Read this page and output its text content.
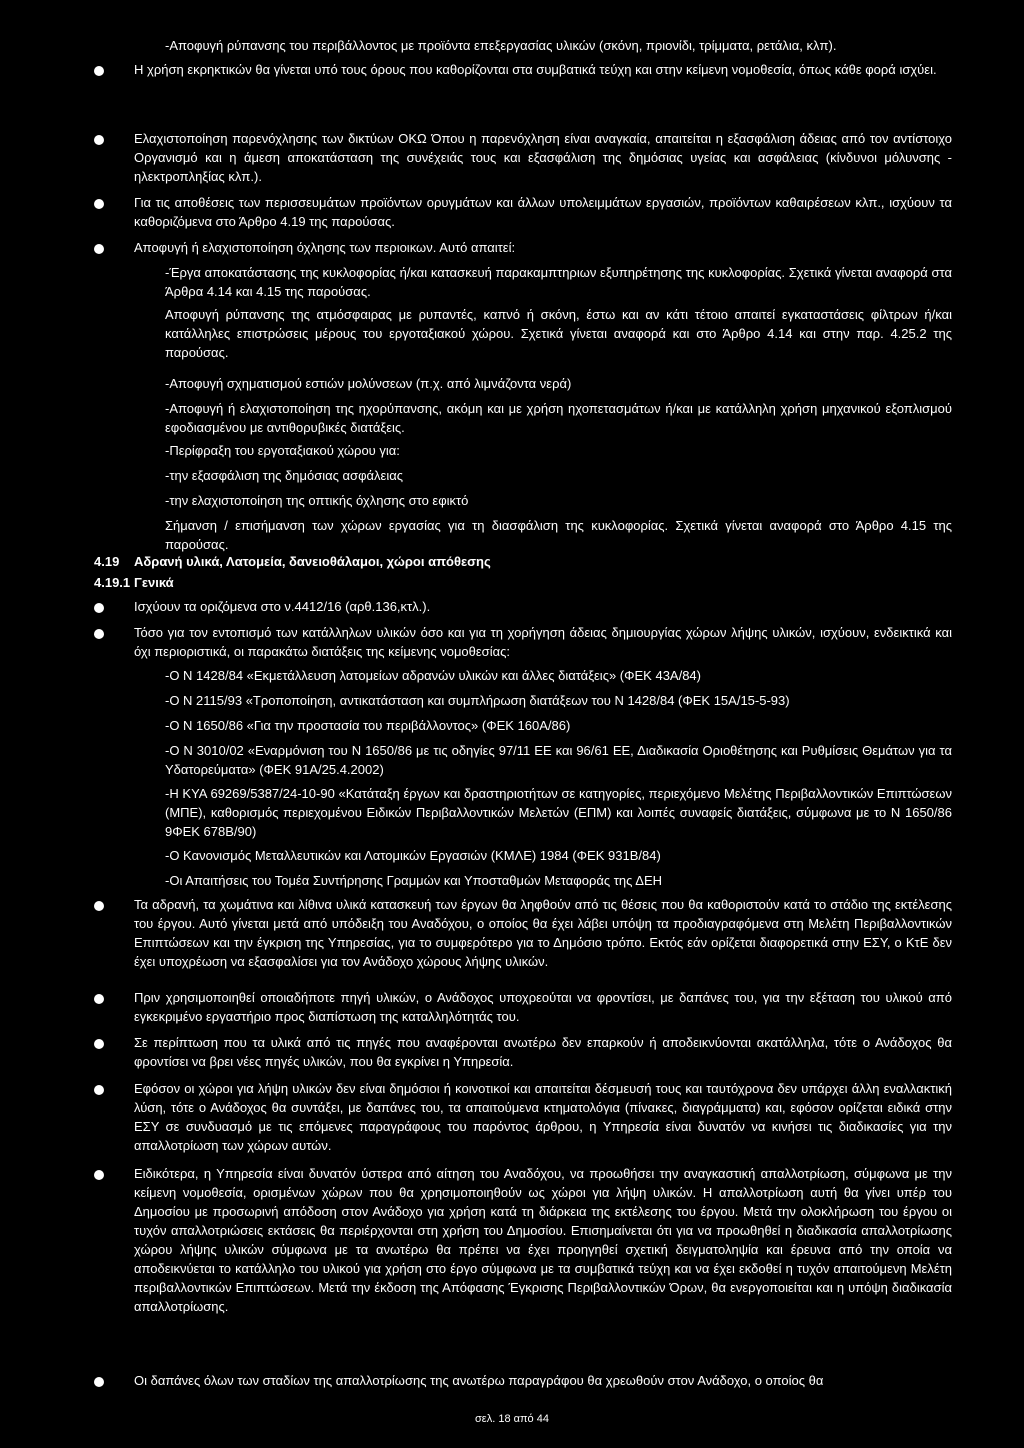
-Αποφυγή ρύπανσης του περιβάλλοντος με προϊόντα επεξεργασίας υλικών (σκόνη, πριονίδι, τρίμματα, ρετάλια, κλπ).
Η χρήση εκρηκτικών θα γίνεται υπό τους όρους που καθορίζονται στα συμβατικά τεύχη και στην κείμενη νομοθεσία, όπως κάθε φορά ισχύει.
Ελαχιστοποίηση παρενόχλησης των δικτύων ΟΚΩ Όπου η παρενόχληση είναι αναγκαία, απαιτείται η εξασφάλιση άδειας από τον αντίστοιχο Οργανισμό και η άμεση αποκατάσταση της συνέχειάς τους και εξασφάλιση της δημόσιας υγείας και ασφάλειας (κίνδυνοι μόλυνσης - ηλεκτροπληξίας κλπ.).
Για τις αποθέσεις των περισσευμάτων προϊόντων ορυγμάτων και άλλων υπολειμμάτων εργασιών, προϊόντων καθαιρέσεων κλπ., ισχύουν τα καθοριζόμενα στο Άρθρο 4.19 της παρούσας.
Αποφυγή ή ελαχιστοποίηση όχλησης των περιοικων. Αυτό απαιτεί:
-Έργα αποκατάστασης της κυκλοφορίας ή/και κατασκευή παρακαμπτηριων εξυπηρέτησης της κυκλοφορίας. Σχετικά γίνεται αναφορά στα Άρθρα 4.14 και 4.15 της παρούσας.
Αποφυγή ρύπανσης της ατμόσφαιρας με ρυπαντές, καπνό ή σκόνη, έστω και αν κάτι τέτοιο απαιτεί εγκαταστάσεις φίλτρων ή/και κατάλληλες επιστρώσεις μέρους του εργοταξιακού χώρου. Σχετικά γίνεται αναφορά και στο Άρθρο 4.14 και στην παρ. 4.25.2 της παρούσας.
-Αποφυγή σχηματισμού εστιών μολύνσεων (π.χ. από λιμνάζοντα νερά)
-Αποφυγή ή ελαχιστοποίηση της ηχορύπανσης, ακόμη και με χρήση ηχοπετασμάτων ή/και με κατάλληλη χρήση μηχανικού εξοπλισμού εφοδιασμένου με αντιθορυβικές διατάξεις.
-Περίφραξη του εργοταξιακού χώρου για:
-την εξασφάλιση της δημόσιας ασφάλειας
-την ελαχιστοποίηση της οπτικής όχλησης στο εφικτό
Σήμανση / επισήμανση των χώρων εργασίας για τη διασφάλιση της κυκλοφορίας. Σχετικά γίνεται αναφορά στο Άρθρο 4.15 της παρούσας.
4.19 Αδρανή υλικά, Λατομεία, δανειοθάλαμοι, χώροι απόθεσης
4.19.1 Γενικά
Ισχύουν τα οριζόμενα στο ν.4412/16 (αρθ.136,κτλ.).
Τόσο για τον εντοπισμό των κατάλληλων υλικών όσο και για τη χορήγηση άδειας δημιουργίας χώρων λήψης υλικών, ισχύουν, ενδεικτικά και όχι περιοριστικά, οι παρακάτω διατάξεις της κείμενης νομοθεσίας:
-Ο Ν 1428/84 «Εκμετάλλευση λατομείων αδρανών υλικών και άλλες διατάξεις» (ΦΕΚ 43Α/84)
-Ο Ν 2115/93 «Τροποποίηση, αντικατάσταση και συμπλήρωση διατάξεων του Ν 1428/84 (ΦΕΚ 15Α/15-5-93)
-Ο Ν 1650/86 «Για την προστασία του περιβάλλοντος» (ΦΕΚ 160Α/86)
-Ο Ν 3010/02 «Εναρμόνιση του Ν 1650/86 με τις οδηγίες 97/11 ΕΕ και 96/61 ΕΕ, Διαδικασία Οριοθέτησης και Ρυθμίσεις Θεμάτων για τα Υδατορεύματα» (ΦΕΚ 91Α/25.4.2002)
-Η ΚΥΑ 69269/5387/24-10-90 «Κατάταξη έργων και δραστηριοτήτων σε κατηγορίες, περιεχόμενο Μελέτης Περιβαλλοντικών Επιπτώσεων (ΜΠΕ), καθορισμός περιεχομένου Ειδικών Περιβαλλοντικών Μελετών (ΕΠΜ) και λοιπές συναφείς διατάξεις, σύμφωνα με το Ν 1650/86 9ΦΕΚ 678Β/90)
-Ο Κανονισμός Μεταλλευτικών και Λατομικών Εργασιών (ΚΜΛΕ) 1984 (ΦΕΚ 931Β/84)
-Οι Απαιτήσεις του Τομέα Συντήρησης Γραμμών και Υποσταθμών Μεταφοράς της ΔΕΗ
Τα αδρανή, τα χωμάτινα και λίθινα υλικά κατασκευή των έργων θα ληφθούν από τις θέσεις που θα καθοριστούν κατά το στάδιο της εκτέλεσης του έργου. Αυτό γίνεται μετά από υπόδειξη του Αναδόχου, ο οποίος θα έχει λάβει υπόψη τα προδιαγραφόμενα στη Μελέτη Περιβαλλοντικών Επιπτώσεων και την έγκριση της Υπηρεσίας, για το συμφερότερο για το Δημόσιο τρόπο. Εκτός εάν ορίζεται διαφορετικά στην ΕΣΥ, ο ΚτΕ δεν έχει υποχρέωση να εξασφαλίσει για τον Ανάδοχο χώρους λήψης υλικών.
Πριν χρησιμοποιηθεί οποιαδήποτε πηγή υλικών, ο Ανάδοχος υποχρεούται να φροντίσει, με δαπάνες του, για την εξέταση του υλικού από εγκεκριμένο εργαστήριο προς διαπίστωση της καταλληλότητάς του.
Σε περίπτωση που τα υλικά από τις πηγές που αναφέρονται ανωτέρω δεν επαρκούν ή αποδεικνύονται ακατάλληλα, τότε ο Ανάδοχος θα φροντίσει να βρει νέες πηγές υλικών, που θα εγκρίνει η Υπηρεσία.
Εφόσον οι χώροι για λήψη υλικών δεν είναι δημόσιοι ή κοινοτικοί και απαιτείται δέσμευσή τους και ταυτόχρονα δεν υπάρχει άλλη εναλλακτική λύση, τότε ο Ανάδοχος θα συντάξει, με δαπάνες του, τα απαιτούμενα κτηματολόγια (πίνακες, διαγράμματα) και, εφόσον ορίζεται ειδικά στην ΕΣΥ σε συνδυασμό με τις επόμενες παραγράφους του παρόντος άρθρου, η Υπηρεσία είναι δυνατόν να κινήσει τις διαδικασίες για την απαλλοτρίωση των χώρων αυτών.
Ειδικότερα, η Υπηρεσία είναι δυνατόν ύστερα από αίτηση του Αναδόχου, να προωθήσει την αναγκαστική απαλλοτρίωση, σύμφωνα με την κείμενη νομοθεσία, ορισμένων χώρων που θα χρησιμοποιηθούν ως χώροι για λήψη υλικών. Η απαλλοτρίωση αυτή θα γίνει υπέρ του Δημοσίου με προσωρινή απόδοση στον Ανάδοχο για χρήση κατά τη διάρκεια της εκτέλεσης του έργου. Μετά την ολοκλήρωση του έργου οι τυχόν απαλλοτριώσεις εκτάσεις θα περιέρχονται στη χρήση του Δημοσίου. Επισημαίνεται ότι για να προωθηθεί η διαδικασία απαλλοτρίωσης χώρου λήψης υλικών σύμφωνα με τα ανωτέρω θα πρέπει να έχει προηγηθεί σχετική δειγματοληψία και έρευνα από την οποία να αποδεικνύεται το κατάλληλο του υλικού για χρήση στο έργο σύμφωνα με τα συμβατικά τεύχη και να έχει εκδοθεί η τυχόν απαιτούμενη Μελέτη περιβαλλοντικών Επιπτώσεων. Μετά την έκδοση της Απόφασης Έγκρισης Περιβαλλοντικών Όρων, θα ενεργοποιείται και η υπόψη διαδικασία απαλλοτρίωσης.
Οι δαπάνες όλων των σταδίων της απαλλοτρίωσης της ανωτέρω παραγράφου θα χρεωθούν στον Ανάδοχο, ο οποίος θα
σελ. 18 από 44
